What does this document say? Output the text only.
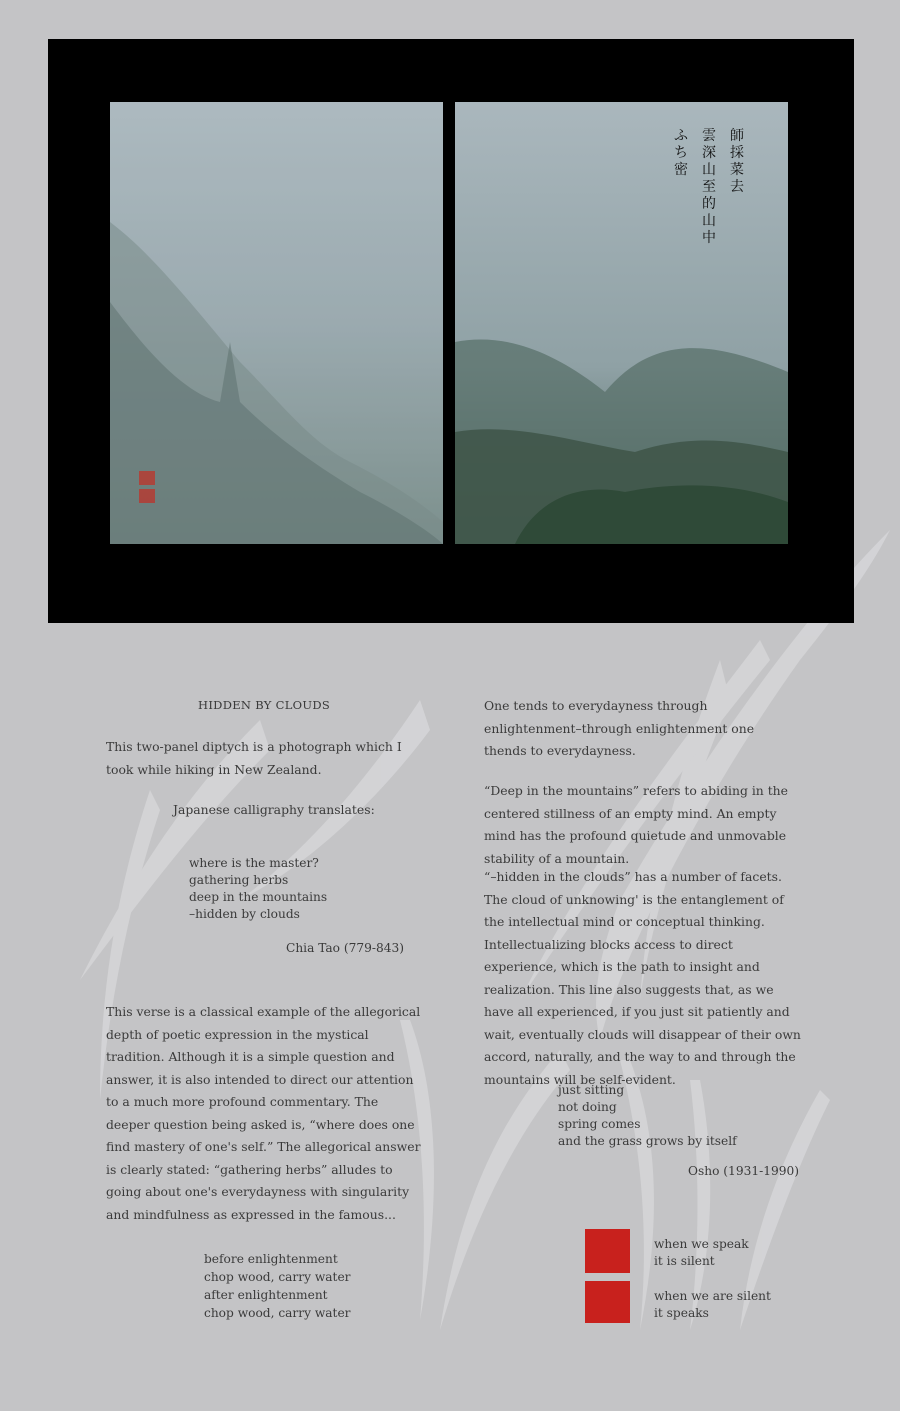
師採菜去
雲深山至的山中
ふち密
HIDDEN BY CLOUDS
This two-panel diptych is a photograph which I took while hiking in New Zealand.
Japanese calligraphy translates:
where is the master?
gathering herbs
deep in the mountains
–hidden by clouds
Chia Tao (779-843)
This verse is a classical example of the allegorical depth of poetic expression in the mystical tradition. Although it is a simple question and answer, it is also intended to direct our attention to a much more profound commentary. The deeper question being asked is, “where does one find mastery of one's self.” The allegorical answer is clearly stated: “gathering herbs” alludes to going about one's everydayness with singularity and mindfulness as expressed in the famous...
before enlightenment
chop wood, carry water
after enlightenment
chop wood, carry water
One tends to everydayness through enlightenment–through enlightenment one thends to everydayness.
“Deep in the mountains” refers to abiding in the centered stillness of an empty mind. An empty mind has the profound quietude and unmovable stability of a mountain.
“–hidden in the clouds” has a number of facets. The cloud of unknowing' is the entanglement of the intellectual mind or conceptual thinking. Intellectualizing blocks access to direct experience, which is the path to insight and realization. This line also suggests that, as we have all experienced, if you just sit patiently and wait, eventually clouds will disappear of their own accord, naturally, and the way to and through the mountains will be self-evident.
just sitting
not doing
spring comes
and the grass grows by itself
Osho (1931-1990)
when we speak
it is silent
when we are silent
it speaks
